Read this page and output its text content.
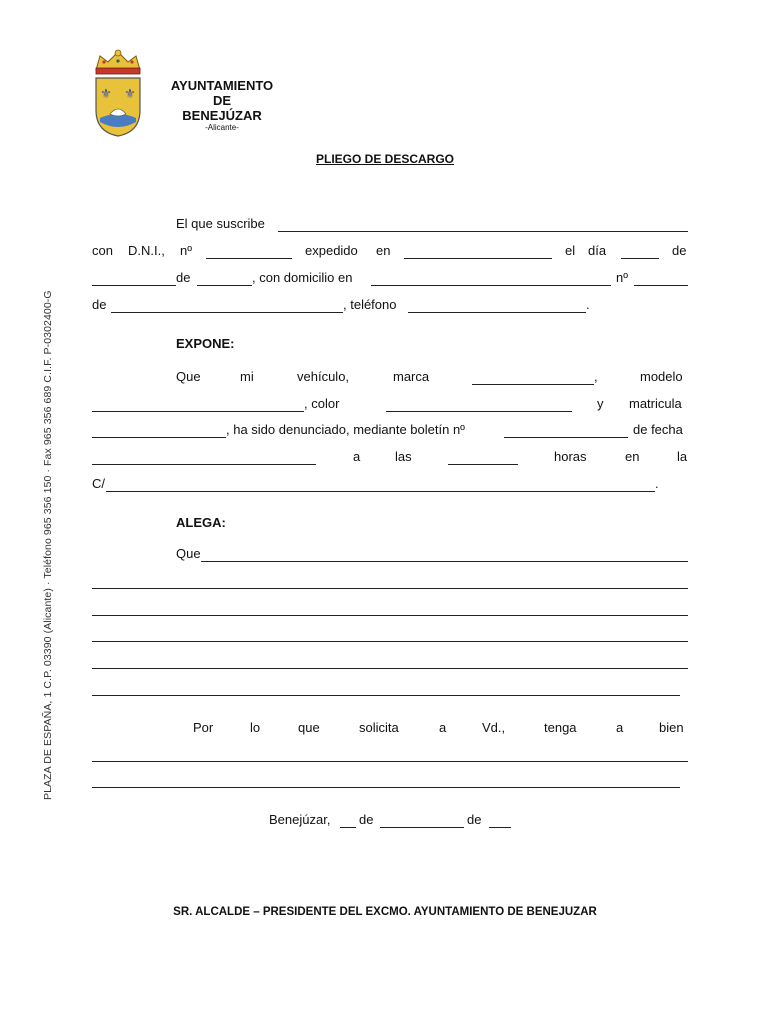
PLAZA DE ESPAÑA, 1 C.P. 03390 (Alicante) · Teléfono 965 356 150 · Fax 965 356 689 C.I.F. P-0302400-G
⚜ ⚜
AYUNTAMIENTO
DE
BENEJÚZAR
-Alicante-
PLIEGO DE DESCARGO
El que suscribe
con D.N.I., nº	expedido en	el día	de
de	, con domicilio en	nº
de	, teléfono	.
EXPONE:
Que	mi	vehículo,	marca	,	modelo
, color	y matricula
, ha sido denunciado, mediante boletín nº	de fecha
a	las	horas	en	la
C/	.
ALEGA:
Que
Por	lo	que	solicita	a	Vd.,	tenga	a	bien
Benejúzar, de	de
SR. ALCALDE – PRESIDENTE DEL EXCMO. AYUNTAMIENTO DE BENEJUZAR
